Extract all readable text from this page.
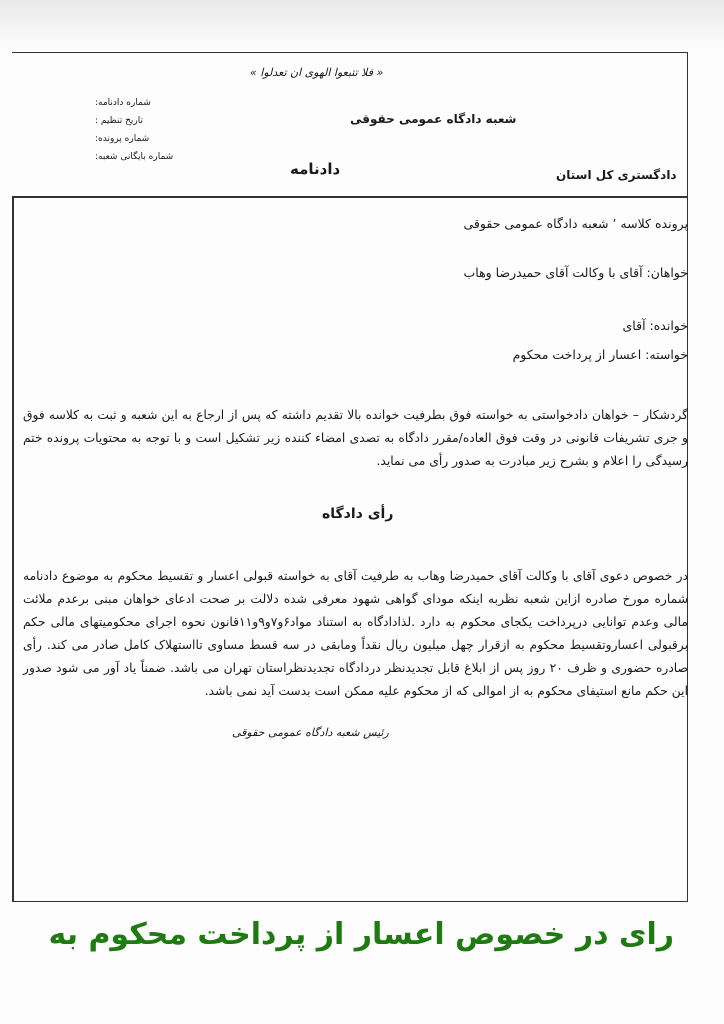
« فلا تتبعوا الهوی ان تعدلوا »
شعبه دادگاه عمومی حقوقی
شماره دادنامه:
تاریخ تنظیم :
شماره پرونده:
شماره بایگانی شعبه:
دادنامه	دادگستری کل استان
پرونده کلاسه ٬ شعبه دادگاه عمومی حقوقی
خواهان: آقای با وکالت آقای حمیدرضا وهاب
خوانده: آقای
خواسته: اعسار از پرداخت محکوم

گردشکار – خواهان دادخواستی به خواسته فوق بطرفیت خوانده بالا تقدیم داشته که پس از ارجاع به این شعبه و ثبت به کلاسه فوق و جری تشریفات قانونی در وقت فوق العاده/مقرر دادگاه به تصدی امضاء کننده زیر تشکیل است و با توجه به محتویات پرونده ختم رسیدگی را اعلام و بشرح زیر مبادرت به صدور رأی می نماید.

رأی دادگاه

در خصوص دعوی آقای با وکالت آقای حمیدرضا وهاب به طرفیت آقای به خواسته قبولی اعسار و تقسیط محکوم به موضوع دادنامه شماره مورخ صادره ازاین شعبه نظربه اینکه مودای گواهی شهود معرفی شده دلالت بر صحت ادعای خواهان مبنی برعدم ملائت مالی وعدم توانایی درپرداخت یکجای محکوم به دارد .لذادادگاه به استناد مواد۶و۷و۹و۱۱قانون نحوه اجرای محکومیتهای مالی حکم برقبولی اعساروتقسیط محکوم به ازقرار چهل میلیون ریال نقداً ومابقی در سه قسط مساوی تااستهلاک کامل صادر می کند. رأی صادره حضوری و ظرف ۲۰ روز پس از ابلاغ قابل تجدیدنظر دردادگاه تجدیدنظراستان تهران می باشد. ضمناً یاد آور می شود صدور این حکم مانع استیفای محکوم به از اموالی که از محکوم علیه ممکن است بدست آید نمی باشد.

رئیس شعبه دادگاه عمومی حقوقی
رای در خصوص اعسار از پرداخت محکوم به
